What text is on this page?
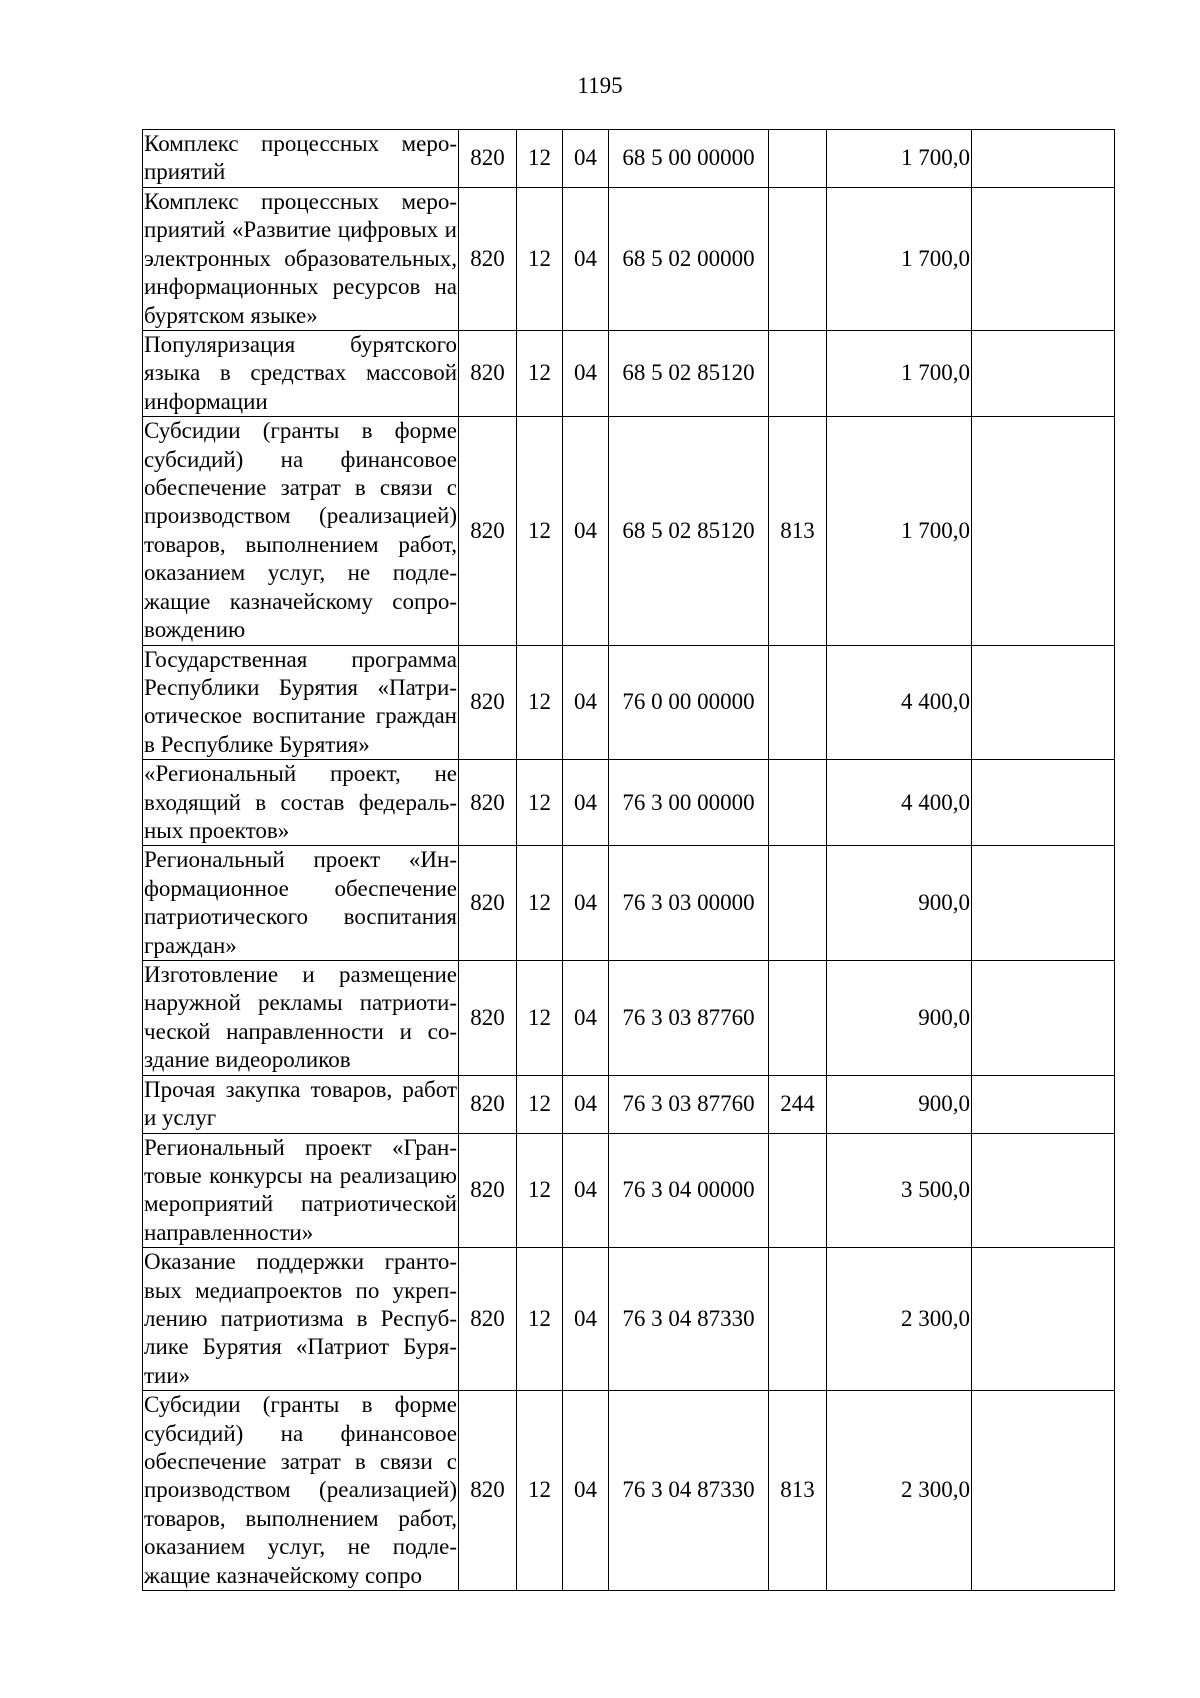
1195
Комплекс процессных мероприятий	820	12	04	68 5 00 00000		1 700,0	
Комплекс процессных мероприятий «Развитие цифровых и электронных образовательных, информационных ресурсов на бурятском языке»	820	12	04	68 5 02 00000		1 700,0	
Популяризация бурятского языка в средствах массовой информации	820	12	04	68 5 02 85120		1 700,0	
Субсидии (гранты в форме субсидий) на финансовое обеспечение затрат в связи с производством (реализацией) товаров, выполнением работ, оказанием услуг, не подлежащие казначейскому сопровождению	820	12	04	68 5 02 85120	813	1 700,0	
Государственная программа Республики Бурятия «Патриотическое воспитание граждан в Республике Бурятия»	820	12	04	76 0 00 00000		4 400,0	
«Региональный проект, не входящий в состав федеральных проектов»	820	12	04	76 3 00 00000		4 400,0	
Региональный проект «Информационное обеспечение патриотического воспитания граждан»	820	12	04	76 3 03 00000		900,0	
Изготовление и размещение наружной рекламы патриотической направленности и создание видеороликов	820	12	04	76 3 03 87760		900,0	
Прочая закупка товаров, работ и услуг	820	12	04	76 3 03 87760	244	900,0	
Региональный проект «Грантовые конкурсы на реализацию мероприятий патриотической направленности»	820	12	04	76 3 04 00000		3 500,0	
Оказание поддержки грантовых медиапроектов по укреплению патриотизма в Республике Бурятия «Патриот Бурятии»	820	12	04	76 3 04 87330		2 300,0	
Субсидии (гранты в форме субсидий) на финансовое обеспечение затрат в связи с производством (реализацией) товаров, выполнением работ, оказанием услуг, не подлежащие казначейскому сопро	820	12	04	76 3 04 87330	813	2 300,0	
